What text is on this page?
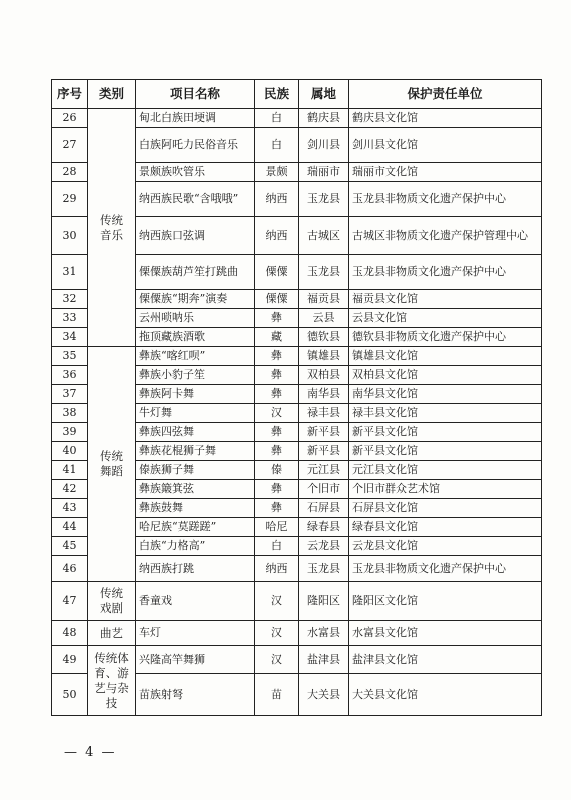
序号	类别	项目名称	民族	属地	保护责任单位
26	传统音乐	甸北白族田埂调	白	鹤庆县	鹤庆县文化馆
27		白族阿吒力民俗音乐	白	剑川县	剑川县文化馆
28		景颇族吹管乐	景颇	瑞丽市	瑞丽市文化馆
29		纳西族民歌“含哦哦”	纳西	玉龙县	玉龙县非物质文化遗产保护中心
30		纳西族口弦调	纳西	古城区	古城区非物质文化遗产保护管理中心
31		傈僳族葫芦笙打跳曲	傈僳	玉龙县	玉龙县非物质文化遗产保护中心
32		傈僳族“期奔”演奏	傈僳	福贡县	福贡县文化馆
33		云州唢呐乐	彝	云县	云县文化馆
34		拖顶藏族酒歌	藏	德钦县	德钦县非物质文化遗产保护中心
35	传统舞蹈	彝族“喀红呗”	彝	镇雄县	镇雄县文化馆
36		彝族小豹子笙	彝	双柏县	双柏县文化馆
37		彝族阿卡舞	彝	南华县	南华县文化馆
38		牛灯舞	汉	禄丰县	禄丰县文化馆
39		彝族四弦舞	彝	新平县	新平县文化馆
40		彝族花棍狮子舞	彝	新平县	新平县文化馆
41		傣族狮子舞	傣	元江县	元江县文化馆
42		彝族簸箕弦	彝	个旧市	个旧市群众艺术馆
43		彝族鼓舞	彝	石屏县	石屏县文化馆
44		哈尼族“莫蹉蹉”	哈尼	绿春县	绿春县文化馆
45		白族“力格高”	白	云龙县	云龙县文化馆
46		纳西族打跳	纳西	玉龙县	玉龙县非物质文化遗产保护中心
47	传统戏剧	香童戏	汉	隆阳区	隆阳区文化馆
48	曲艺	车灯	汉	水富县	水富县文化馆
49	传统体育、游艺与杂技	兴隆高竿舞狮	汉	盐津县	盐津县文化馆
50		苗族射弩	苗	大关县	大关县文化馆
— 4 —
